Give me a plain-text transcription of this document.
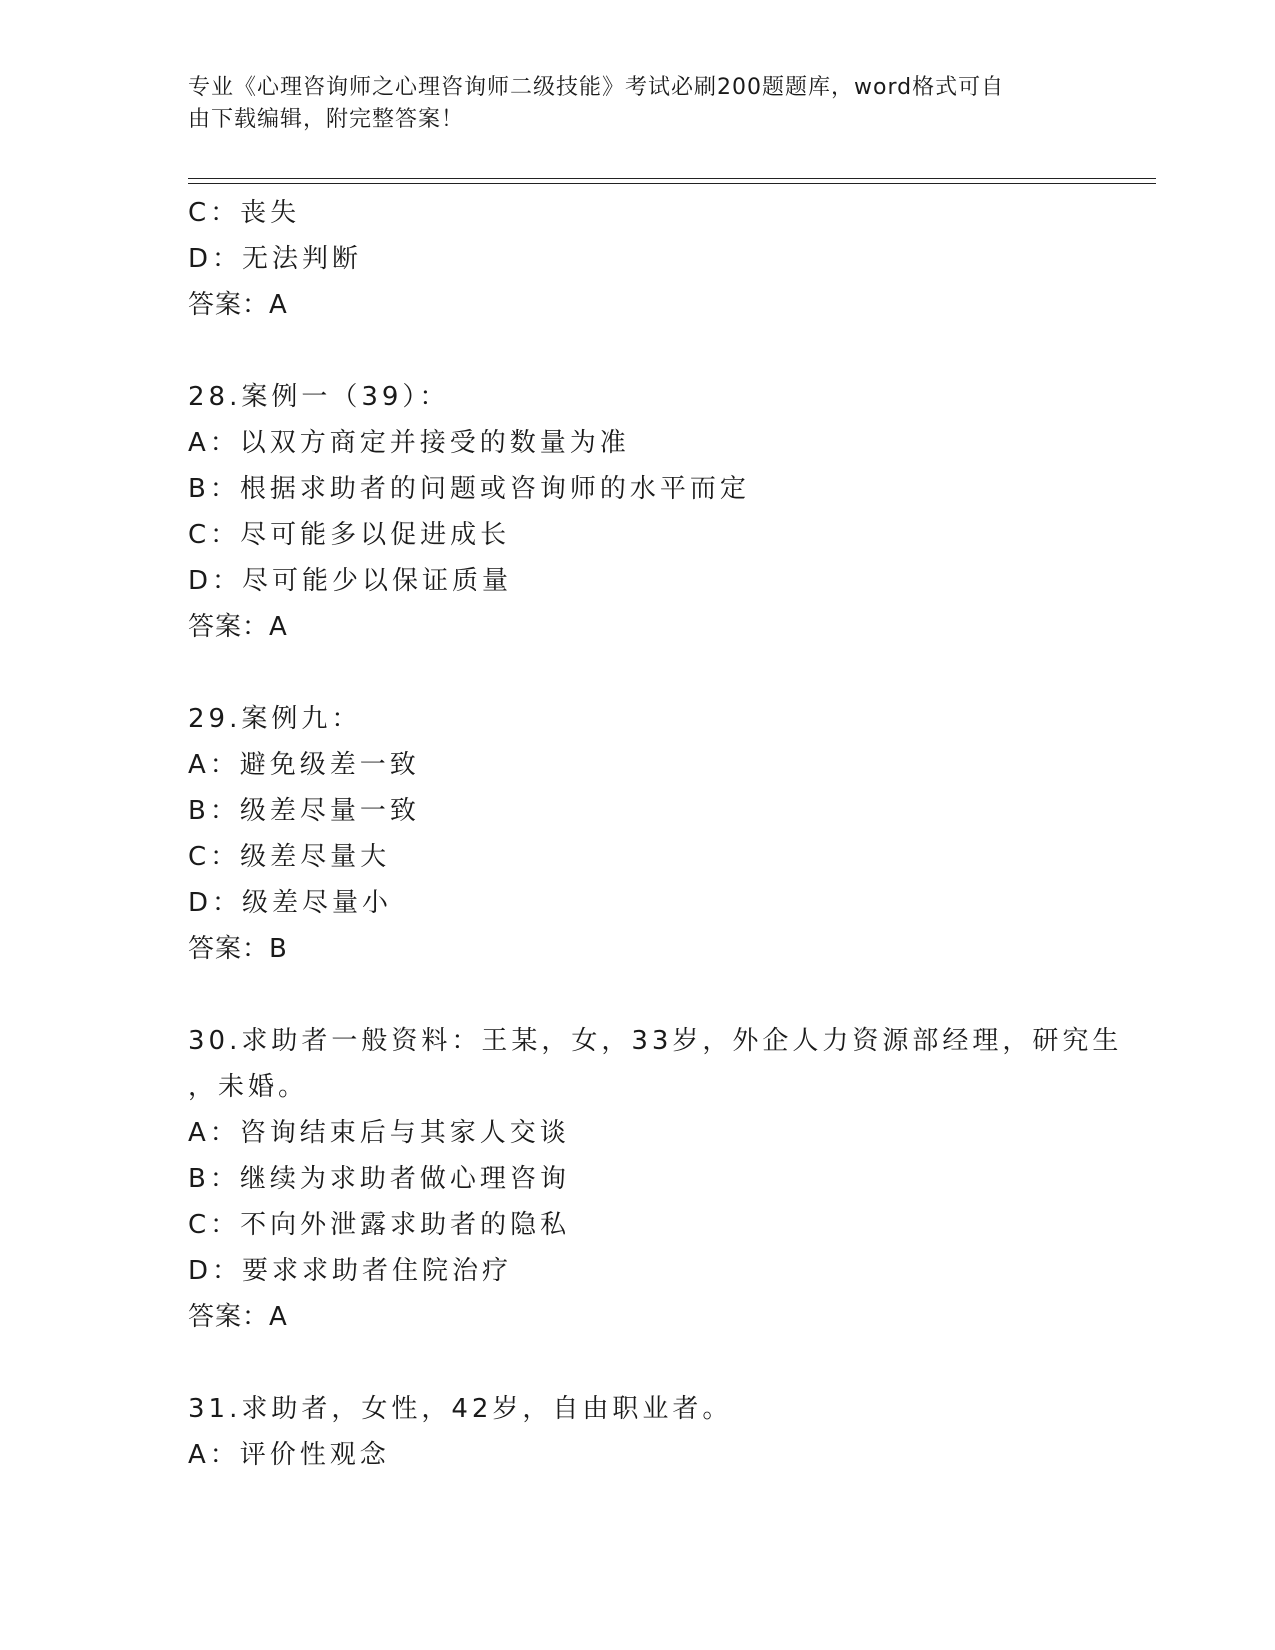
专业《心理咨询师之心理咨询师二级技能》考试必刷200题题库，word格式可自
由下载编辑，附完整答案！
C：丧失
D：无法判断
答案：A
28.案例一（39）：
A：以双方商定并接受的数量为准
B：根据求助者的问题或咨询师的水平而定
C：尽可能多以促进成长
D：尽可能少以保证质量
答案：A
29.案例九：
A：避免级差一致
B：级差尽量一致
C：级差尽量大
D：级差尽量小
答案：B
30.求助者一般资料：王某，女，33岁，外企人力资源部经理，研究生
，未婚。
A：咨询结束后与其家人交谈
B：继续为求助者做心理咨询
C：不向外泄露求助者的隐私
D：要求求助者住院治疗
答案：A
31.求助者，女性，42岁，自由职业者。
A：评价性观念
